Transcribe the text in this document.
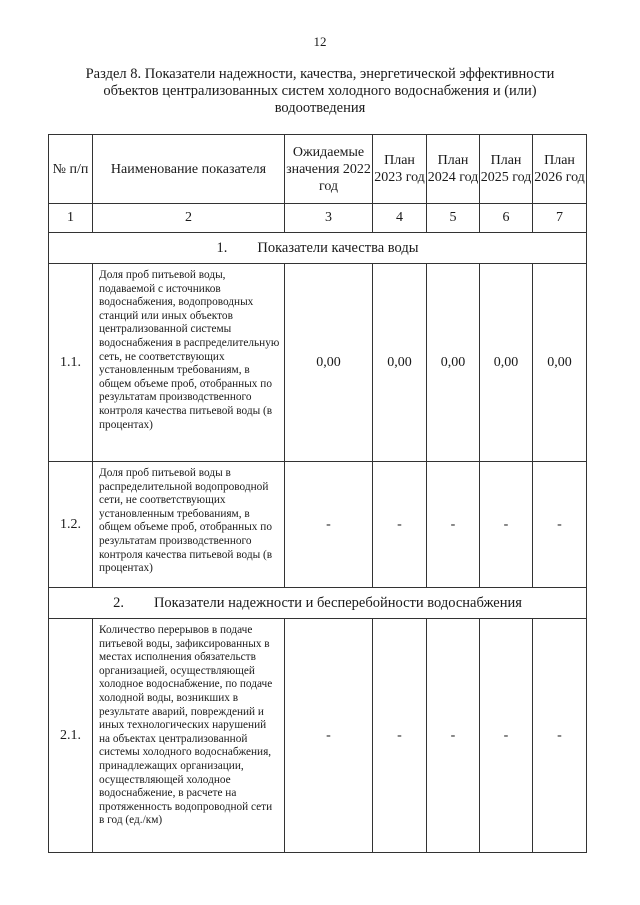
12
Раздел 8. Показатели надежности, качества, энергетической эффективности
объектов централизованных систем холодного водоснабжения и (или)
водоотведения
№ п/п	Наименование показателя	Ожидаемые значения 2022 год	План 2023 год	План 2024 год	План 2025 год	План 2026 год
1	2	3	4	5	6	7
1. Показатели качества воды						
1.1.	Доля проб питьевой воды, подаваемой с источников водоснабжения, водопроводных станций или иных объектов централизованной системы водоснабжения в распределительную сеть, не соответствующих установленным требованиям, в общем объеме проб, отобранных по результатам производственного контроля качества питьевой воды (в процентах)	0,00	0,00	0,00	0,00	0,00
1.2.	Доля проб питьевой воды в распределительной водопроводной сети, не соответствующих установленным требованиям, в общем объеме проб, отобранных по результатам производственного контроля качества питьевой воды (в процентах)	-	-	-	-	-
2. Показатели надежности и бесперебойности водоснабжения						
2.1.	Количество перерывов в подаче питьевой воды, зафиксированных в местах исполнения обязательств организацией, осуществляющей холодное водоснабжение, по подаче холодной воды, возникших в результате аварий, повреждений и иных технологических нарушений на объектах централизованной системы холодного водоснабжения, принадлежащих организации, осуществляющей холодное водоснабжение, в расчете на протяженность водопроводной сети в год (ед./км)	-	-	-	-	-
